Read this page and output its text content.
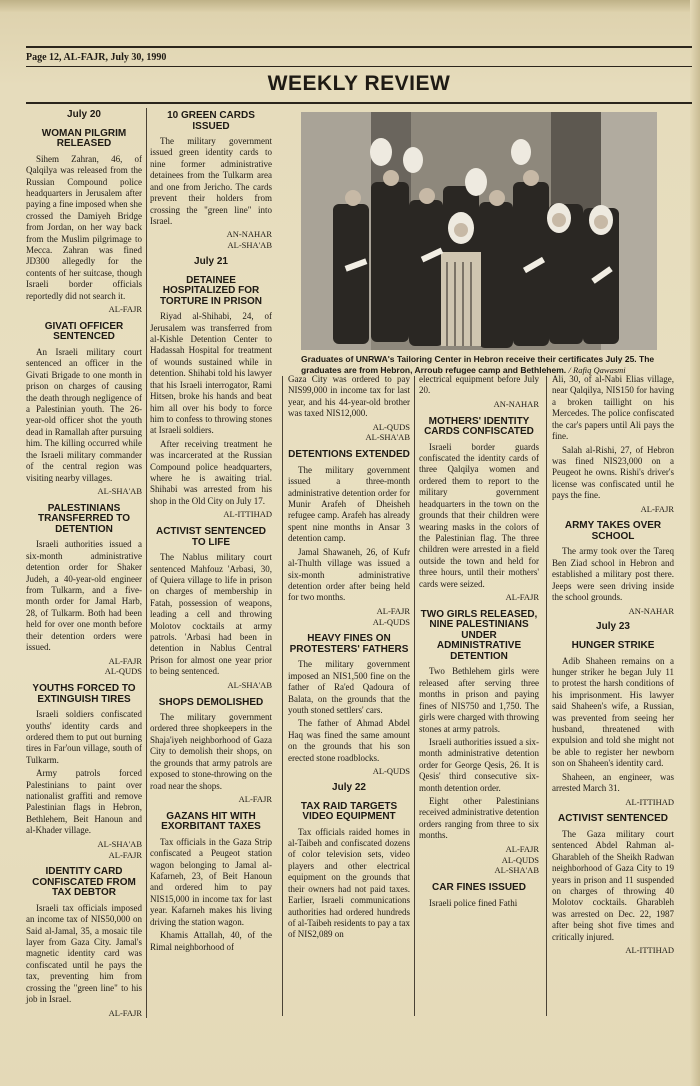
Page 12, AL-FAJR, July 30, 1990
WEEKLY REVIEW
July 20
WOMAN PILGRIM RELEASED

Sihem Zahran, 46, of Qalqilya was released from the Russian Compound police headquarters in Jerusalem after paying a fine imposed when she crossed the Damiyeh Bridge from Jordan, on her way back from the Muslim pilgrimage to Mecca. Zahran was fined JD300 allegedly for the contents of her suitcase, though Israeli border officials reportedly did not search it.

AL-FAJR
GIVATI OFFICER SENTENCED

An Israeli military court sentenced an officer in the Givati Brigade to one month in prison on charges of causing the death through negligence of a Palestinian youth. The 26-year-old officer shot the youth dead in Ramallah after pursuing him. The killing occurred while the Israeli military commander of the central region was visiting nearby villages.

AL-SHA'AB
PALESTINIANS TRANSFERRED TO DETENTION

Israeli authorities issued a six-month administrative detention order for Shaker Judeh, a 40-year-old engineer from Tulkarm, and a five-month order for Jamal Harb, 28, of Tulkarm. Both had been held for over one month before their detention orders were issued.

AL-FAJR
AL-QUDS
YOUTHS FORCED TO EXTINGUISH TIRES

Israeli soldiers confiscated youths' identity cards and ordered them to put out burning tires in Far'oun village, south of Tulkarm.

Army patrols forced Palestinians to paint over nationalist graffiti and remove Palestinian flags in Hebron, Bethlehem, Beit Hanoun and al-Khader village.

AL-SHA'AB
AL-FAJR
IDENTITY CARD CONFISCATED FROM TAX DEBTOR

Israeli tax officials imposed an income tax of NIS50,000 on Said al-Jamal, 35, a mosaic tile layer from Gaza City. Jamal's magnetic identity card was confiscated until he pays the tax, preventing him from crossing the "green line" to his job in Israel.

AL-FAJR
10 GREEN CARDS ISSUED

The military government issued green identity cards to nine former administrative detainees from the Tulkarm area and one from Jericho. The cards prevent their holders from crossing the "green line" into Israel.

AN-NAHAR
AL-SHA'AB
July 21
DETAINEE HOSPITALIZED FOR TORTURE IN PRISON

Riyad al-Shihabi, 24, of Jerusalem was transferred from al-Kishle Detention Center to Hadassah Hospital for treatment of wounds sustained while in detention. Shihabi told his lawyer that his Israeli interrogator, Rami Hitsen, broke his hands and beat him all over his body to force him to confess to throwing stones at Israeli soldiers.

After receiving treatment he was incarcerated at the Russian Compound police headquarters, where he is awaiting trial. Shihabi was arrested from his shop in the Old City on July 17.

AL-ITTIHAD
ACTIVIST SENTENCED TO LIFE

The Nablus military court sentenced Mahfouz 'Arbasi, 30, of Quiera village to life in prison on charges of membership in Fatah, possession of weapons, leading a cell and throwing Molotov cocktails at army patrols. 'Arbasi had been in detention in Nablus Central Prison for almost one year prior to being sentenced.

AL-SHA'AB
SHOPS DEMOLISHED

The military government ordered three shopkeepers in the Shaja'iyeh neighborhood of Gaza City to demolish their shops, on the grounds that army patrols are exposed to stone-throwing on the road near the shops.

AL-FAJR
GAZANS HIT WITH EXORBITANT TAXES

Tax officials in the Gaza Strip confiscated a Peugeot station wagon belonging to Jamal al-Kafarneh, 23, of Beit Hanoun and ordered him to pay NIS15,000 in income tax for last year. Kafarneh makes his living driving the station wagon.

Khamis Attallah, 40, of the Rimal neighborhood of

Graduates of UNRWA's Tailoring Center in Hebron receive their certificates July 25. The graduates are from Hebron, Arroub refugee camp and Bethlehem. / Rafiq Qawasmi

Gaza City was ordered to pay NIS99,000 in income tax for last year, and his 44-year-old brother was taxed NIS12,000.

AL-QUDS
AL-SHA'AB
DETENTIONS EXTENDED

The military government issued a three-month administrative detention order for Munir Arafeh of Dheisheh refugee camp. Arafeh has already spent nine months in Ansar 3 detention camp.

Jamal Shawaneh, 26, of Kufr al-Thulth village was issued a six-month administrative detention order after being held for two months.

AL-FAJR
AL-QUDS
HEAVY FINES ON PROTESTERS' FATHERS

The military government imposed an NIS1,500 fine on the father of Ra'ed Qadoura of Balata, on the grounds that the youth stoned settlers' cars.

The father of Ahmad Abdel Haq was fined the same amount on the grounds that his son erected stone roadblocks.

AL-QUDS
July 22
TAX RAID TARGETS VIDEO EQUIPMENT

Tax officials raided homes in al-Taibeh and confiscated dozens of color television sets, video players and other electrical equipment on the grounds that their owners had not paid taxes. Earlier, Israeli communications authorities had ordered hundreds of al-Taibeh residents to pay a tax of NIS2,089 on

electrical equipment before July 20.

AN-NAHAR
MOTHERS' IDENTITY CARDS CONFISCATED

Israeli border guards confiscated the identity cards of three Qalqilya women and ordered them to report to the military government headquarters in the town on the grounds that their children were wearing masks in the colors of the Palestinian flag. The three children were arrested in a field outside the town and held for three hours, until their mothers' cards were seized.

AL-FAJR
TWO GIRLS RELEASED, NINE PALESTINIANS UNDER ADMINISTRATIVE DETENTION

Two Bethlehem girls were released after serving three months in prison and paying fines of NIS750 and 1,750. The girls were charged with throwing stones at army patrols.

Israeli authorities issued a six-month administrative detention order for George Qesis, 26. It is Qesis' third consecutive six-month detention order.

Eight other Palestinians received administrative detention orders ranging from three to six months.

AL-FAJR
AL-QUDS
AL-SHA'AB
CAR FINES ISSUED

Israeli police fined Fathi

Ali, 30, of al-Nabi Elias village, near Qalqilya, NIS150 for having a broken taillight on his Mercedes. The police confiscated the car's papers until Ali pays the fine.

Salah al-Rishi, 27, of Hebron was fined NIS23,000 on a Peugeot he owns. Rishi's driver's license was confiscated until he pays the fine.

AL-FAJR
ARMY TAKES OVER SCHOOL

The army took over the Tareq Ben Ziad school in Hebron and established a military post there. Jeeps were seen driving inside the school grounds.

AN-NAHAR
July 23
HUNGER STRIKE

Adib Shaheen remains on a hunger striker he began July 11 to protest the harsh conditions of his imprisonment. His lawyer said Shaheen's wife, a Russian, was prevented from seeing her husband, threatened with expulsion and told she might not be able to register her newborn son on Shaheen's identity card.

Shaheen, an engineer, was arrested March 31.

AL-ITTIHAD
ACTIVIST SENTENCED

The Gaza military court sentenced Abdel Rahman al-Gharableh of the Sheikh Radwan neighborhood of Gaza City to 19 years in prison and 11 suspended on charges of throwing 40 Molotov cocktails. Gharableh was arrested on Dec. 22, 1987 after being shot five times and critically injured.

AL-ITTIHAD
